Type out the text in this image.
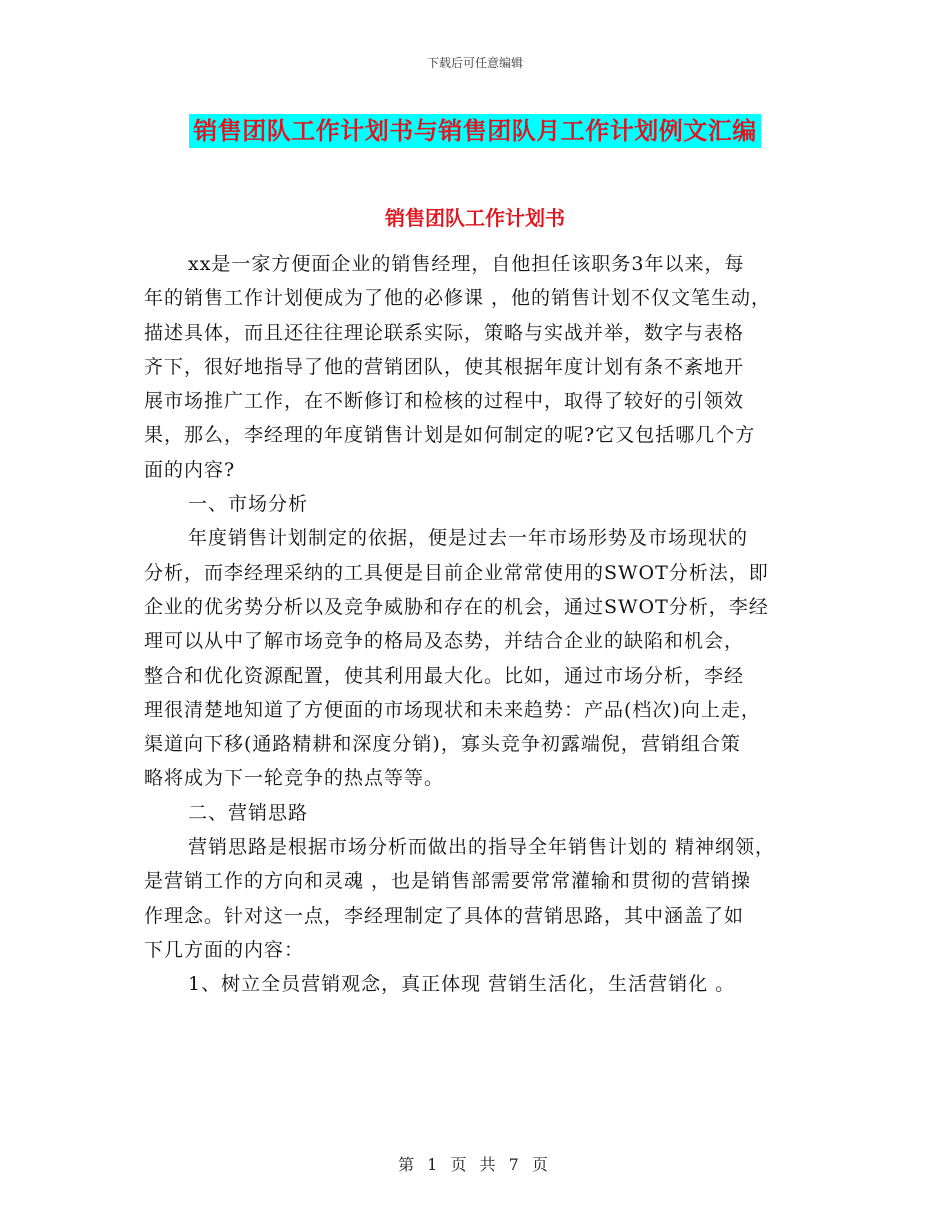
下载后可任意编辑
销售团队工作计划书与销售团队月工作计划例文汇编
销售团队工作计划书
xx是一家方便面企业的销售经理，自他担任该职务3年以来，每
年的销售工作计划便成为了他的必修课 ，他的销售计划不仅文笔生动，
描述具体，而且还往往理论联系实际，策略与实战并举，数字与表格
齐下，很好地指导了他的营销团队，使其根据年度计划有条不紊地开
展市场推广工作，在不断修订和检核的过程中，取得了较好的引领效
果，那么，李经理的年度销售计划是如何制定的呢?它又包括哪几个方
面的内容?
一、市场分析
年度销售计划制定的依据，便是过去一年市场形势及市场现状的
分析，而李经理采纳的工具便是目前企业常常使用的SWOT分析法，即
企业的优劣势分析以及竞争威胁和存在的机会，通过SWOT分析，李经
理可以从中了解市场竞争的格局及态势，并结合企业的缺陷和机会，
整合和优化资源配置，使其利用最大化。比如，通过市场分析，李经
理很清楚地知道了方便面的市场现状和未来趋势：产品(档次)向上走，
渠道向下移(通路精耕和深度分销)，寡头竞争初露端倪，营销组合策
略将成为下一轮竞争的热点等等。
二、营销思路
营销思路是根据市场分析而做出的指导全年销售计划的 精神纲领，
是营销工作的方向和灵魂 ，也是销售部需要常常灌输和贯彻的营销操
作理念。针对这一点，李经理制定了具体的营销思路，其中涵盖了如
下几方面的内容：
1、树立全员营销观念，真正体现 营销生活化，生活营销化 。
第 1 页 共 7 页
